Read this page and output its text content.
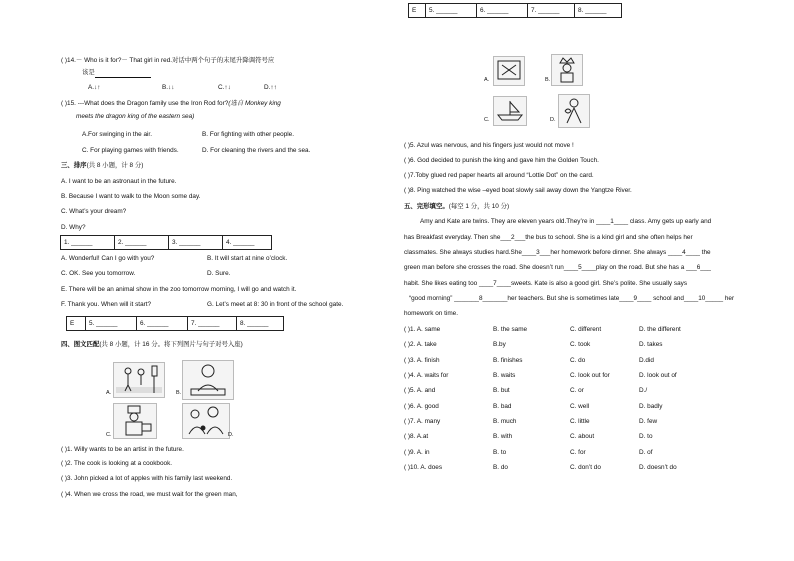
( )14.－ Who is it for?－ That girl in red.对话中两个句子的末尾升降调符号应
该是
A.↓↑	B.↓↓	C.↑↓	D.↑↑
( )15. ---What does the Dragon family use the Iron Rod for?(选自 Monkey king
meets the dragon king of the eastern sea)
A.For swinging in the air.	B. For fighting with other people.
C. For playing games with friends.	D. For cleaning the rivers and the sea.
三、排序(共 8 小题，计 8 分)
A. I want to be an astronaut in the future.
B. Because I want to walk to the Moon some day.
C. What’s your dream?
D. Why?
1. ______	2. ______	3. ______	4. ______
A. Wonderful! Can I go with you?	B. It will start at nine o’clock.
C. OK. See you tomorrow.	D. Sure.
E. There will be an animal show in the zoo tomorrow morning, I will go and watch it.
F. Thank you. When will it start?	G. Let’s meet at 8: 30 in front of the school gate.
E	5. ______	6. ______	7. ______	8. ______
四、图文匹配(共 8 小题，计 16 分。将下列图片与句子对号入座)
A.	B.
C.	D.
( )1. Willy wants to be an artist in the future.
( )2. The cook is looking at a cookbook.
( )3. John picked a lot of apples with his family last weekend.
( )4. When we cross the road, we must wait for the green man,
E	5. ______	6. ______	7. ______	8. ______
A.	B.
C.	D.
( )5. Azul was nervous, and his fingers just would not move !
( )6. God decided to punish the king and gave him the Golden Touch.
( )7.Toby glued red paper hearts all around “Lottie Dot” on the card.
( )8. Ping watched the wise –eyed boat slowly sail away down the Yangtze River.
五、完形填空。(每空 1 分，共 10 分)
Amy and Kate are twins. They are eleven years old.They’re in ____1____ class. Amy gets up early and
has Breakfast everyday. Then she___2___the bus to school. She is a kind girl and she often helps her
classmates. She always studies hard.She____3___her homework before dinner. She always ____4____ the
green man before she crosses the road. She doesn’t run____5____play on the road. But she has a ___6___
habit. She likes eating too ____7____sweets. Kate is also a good girl. She’s polite. She usually says
“good morning” _______8_______her teachers. But she is sometimes late____9____ school and____10_____ her
homework on time.
( )1. A. same	B. the same	C. different	D. the different
( )2. A. take	B.by	C. took	D. takes
( )3. A. finish	B. finishes	C. do	D.did
( )4. A. waits for	B. waits	C. look out for	D. look out of
( )5. A. and	B. but	C. or	D./
( )6. A. good	B. bad	C. well	D. badly
( )7. A. many	B. much	C. little	D. few
( )8. A.at	B. with	C. about	D. to
( )9. A. in	B. to	C. for	D. of
( )10. A. does	B. do	C. don’t do	D. doesn’t do
